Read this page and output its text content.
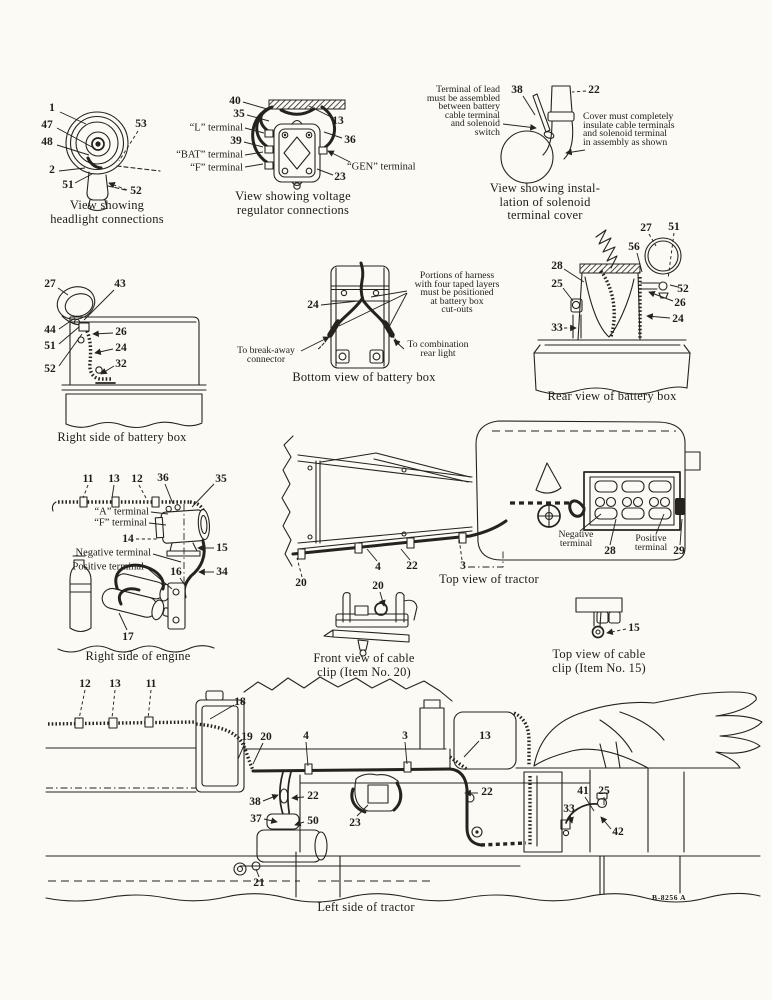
B-8256 A
View showing
headlight connections
1
47
48
2
51	52
53
View showing voltage
regulator connections
40
35
“L” terminal
39
“BAT” terminal
“F” terminal
13
36
“GEN” terminal
23
View showing instal-
lation of solenoid
terminal cover
38	22
Terminal of lead
must be assembled
between battery
cable terminal
and solenoid
switch
Cover must completely
insulate cable terminals
and solenoid terminal
in assembly as shown
Right side of battery box
27	43
44
51
52
26
24
32
Bottom view of battery box
24
Portions of harness
with four taped layers
must be positioned
at battery box
cut-outs
To break-away
connector
To combination
rear light
Rear view of battery box
27 51
56
28
25
33
52
26
24
Right side of engine
11 13 12 36	35
“A” terminal
“F” terminal
14
15
Negative terminal
Positive terminal 16	34
17
Top view of tractor
20
4 22	3
28	29
Negative
terminal	Positive
terminal
Front view of cable
clip (Item No. 20)
20
Top view of cable
clip (Item No. 15)
15
Left side of tractor
12 13 11
18
19 20	4	3	13
38
37
22
50	23
22	41 25
33
42
21
